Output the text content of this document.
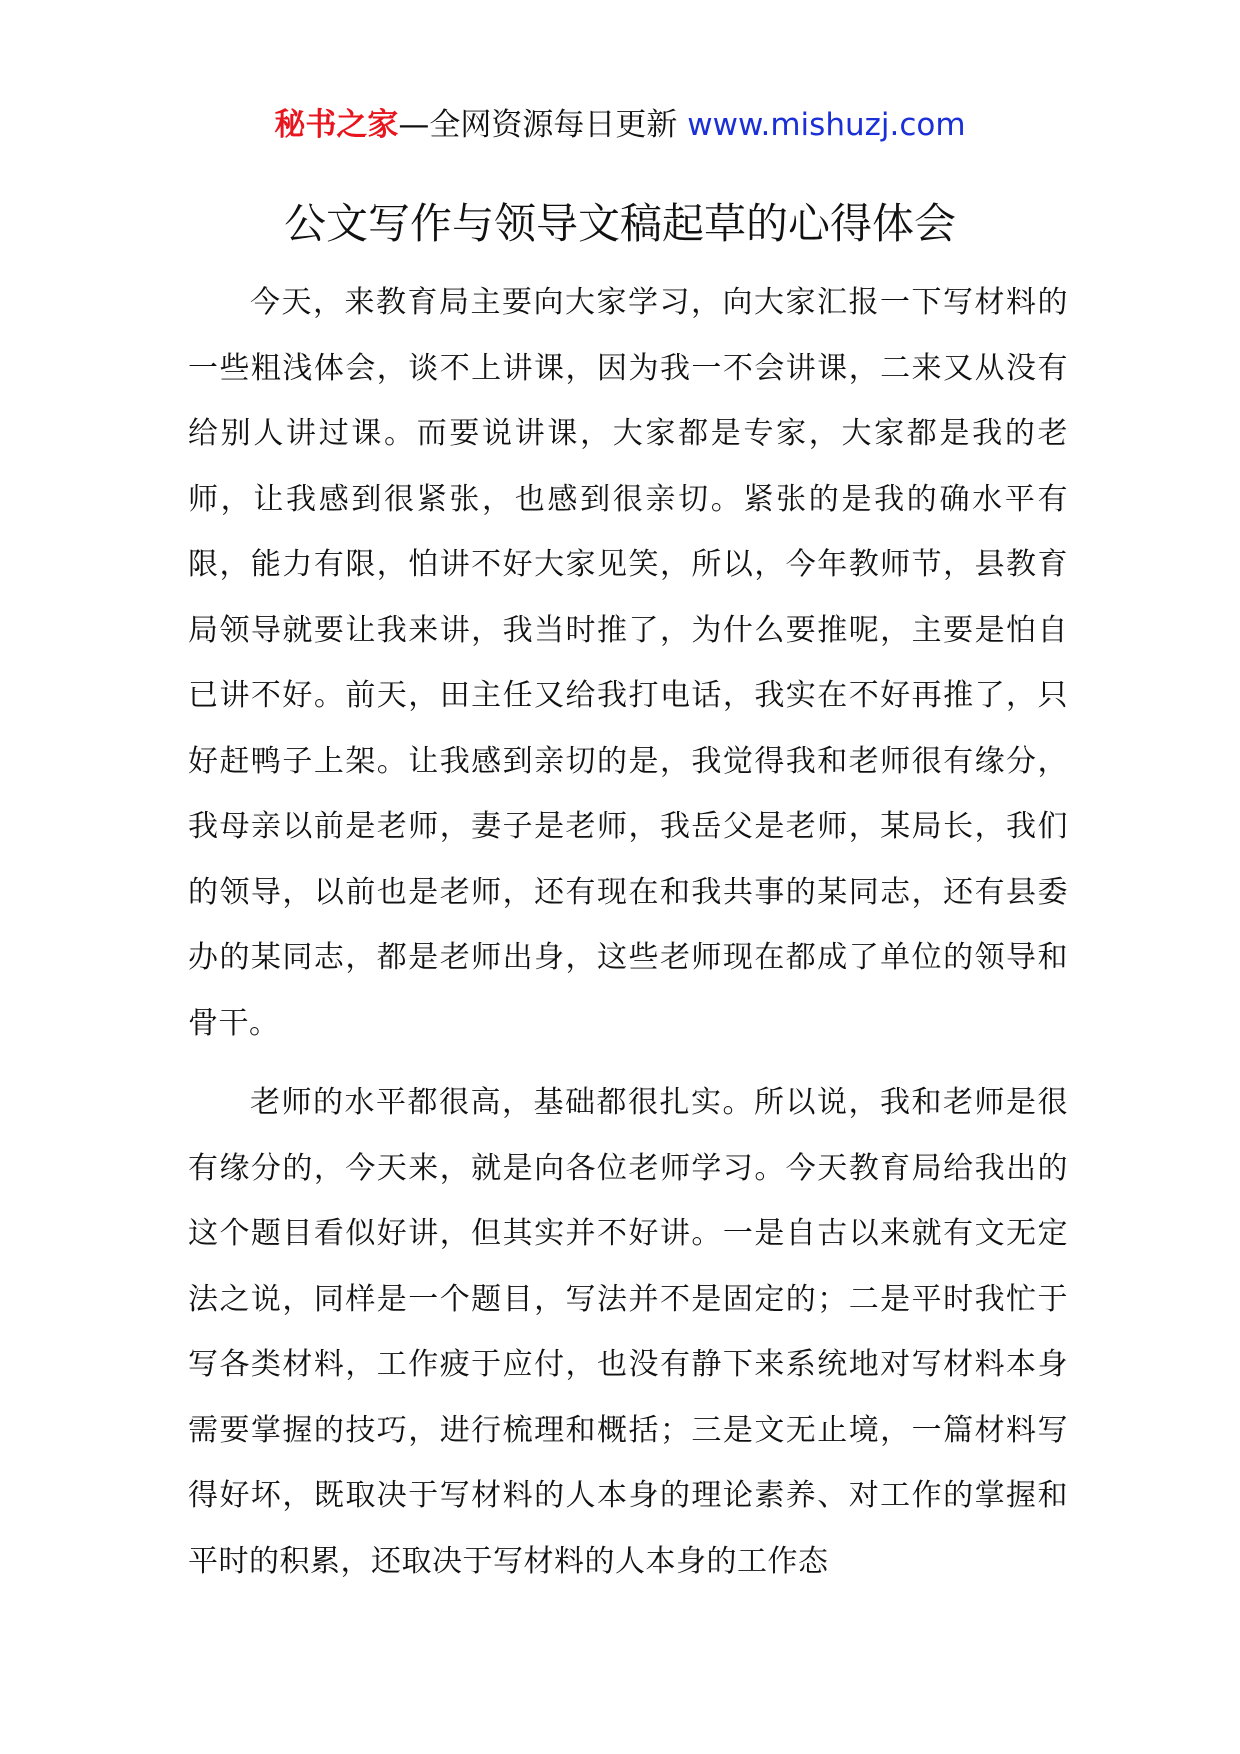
秘书之家—全网资源每日更新 www.mishuzj.com
公文写作与领导文稿起草的心得体会

今天，来教育局主要向大家学习，向大家汇报一下写材料的一些粗浅体会，谈不上讲课，因为我一不会讲课，二来又从没有给别人讲过课。而要说讲课，大家都是专家，大家都是我的老师，让我感到很紧张，也感到很亲切。紧张的是我的确水平有限，能力有限，怕讲不好大家见笑，所以，今年教师节，县教育局领导就要让我来讲，我当时推了，为什么要推呢，主要是怕自已讲不好。前天，田主任又给我打电话，我实在不好再推了，只好赶鸭子上架。让我感到亲切的是，我觉得我和老师很有缘分，我母亲以前是老师，妻子是老师，我岳父是老师，某局长，我们的领导，以前也是老师，还有现在和我共事的某同志，还有县委办的某同志，都是老师出身，这些老师现在都成了单位的领导和骨干。

老师的水平都很高，基础都很扎实。所以说，我和老师是很有缘分的，今天来，就是向各位老师学习。今天教育局给我出的这个题目看似好讲，但其实并不好讲。一是自古以来就有文无定法之说，同样是一个题目，写法并不是固定的；二是平时我忙于写各类材料，工作疲于应付，也没有静下来系统地对写材料本身需要掌握的技巧，进行梳理和概括；三是文无止境，一篇材料写得好坏，既取决于写材料的人本身的理论素养、对工作的掌握和平时的积累，还取决于写材料的人本身的工作态
